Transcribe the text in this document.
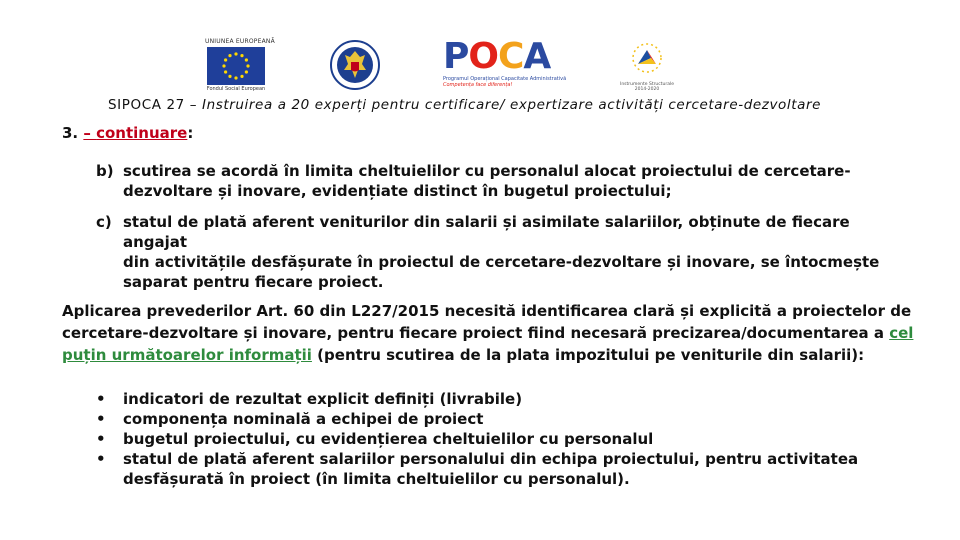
UNIUNEA EUROPEANĂ
Fondul Social European
POCA
Programul Operațional Capacitate Administrativă
Competența face diferența!	Instrumente Structurale
2014-2020
SIPOCA 27 – Instruirea a 20 experți pentru certificare/ expertizare activități cercetare-dezvoltare
3. – continuare:
b) scutirea se acordă în limita cheltuielilor cu personalul alocat proiectului de cercetare-
dezvoltare și inovare, evidențiate distinct în bugetul proiectului;
c) statul de plată aferent veniturilor din salarii și asimilate salariilor, obținute de fiecare angajat
din activitățile desfășurate în proiectul de cercetare-dezvoltare și inovare, se întocmește
saparat pentru fiecare proiect.
Aplicarea prevederilor Art. 60 din L227/2015 necesită identificarea clară și explicită a proiectelor de cercetare-dezvoltare și inovare, pentru fiecare proiect fiind necesară precizarea/documentarea a cel puțin următoarelor informații (pentru scutirea de la plata impozitului pe veniturile din salarii):
• indicatori de rezultat explicit definiți (livrabile)
• componența nominală a echipei de proiect
• bugetul proiectului, cu evidențierea cheltuielilor cu personalul
• statul de plată aferent salariilor personalului din echipa proiectului, pentru activitatea
desfășurată în proiect (în limita cheltuielilor cu personalul).
